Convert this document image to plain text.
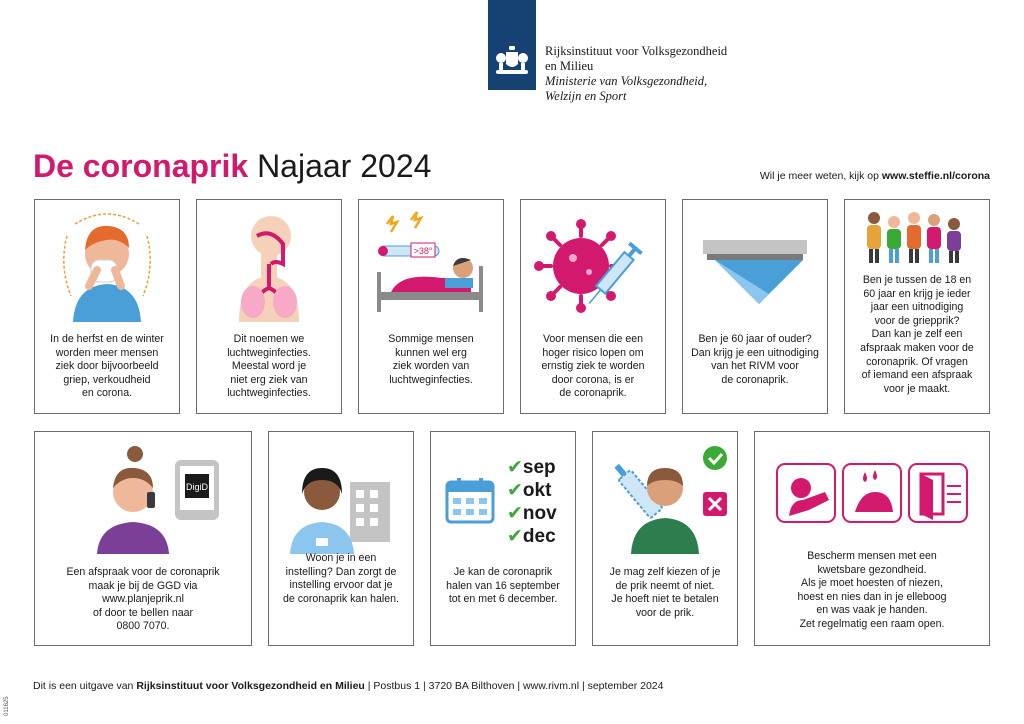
Rijksinstituut voor Volksgezondheid
en Milieu
Ministerie van Volksgezondheid,
Welzijn en Sport
De coronaprik Najaar 2024	Wil je meer weten, kijk op www.steffie.nl/corona
In de herfst en de winter
worden meer mensen
ziek door bijvoorbeeld
griep, verkoudheid
en corona.
Dit noemen we
luchtweginfecties.
Meestal word je
niet erg ziek van
luchtweginfecties.
>38°
Sommige mensen
kunnen wel erg
ziek worden van
luchtweginfecties.
Voor mensen die een
hoger risico lopen om
ernstig ziek te worden
door corona, is er
de coronaprik.
Ben je 60 jaar of ouder?
Dan krijg je een uitnodiging
van het RIVM voor
de coronaprik.
Ben je tussen de 18 en
60 jaar en krijg je ieder
jaar een uitnodiging
voor de griepprik?
Dan kan je zelf een
afspraak maken voor de
coronaprik. Of vragen
of iemand een afspraak
voor je maakt.
DigiD
Een afspraak voor de coronaprik
maak je bij de GGD via
www.planjeprik.nl
of door te bellen naar
0800 7070.
Woon je in een
instelling? Dan zorgt de
instelling ervoor dat je
de coronaprik kan halen.
✔sep
✔okt
✔nov
✔dec
Je kan de coronaprik
halen van 16 september
tot en met 6 december.
Je mag zelf kiezen of je
de prik neemt of niet.
Je hoeft niet te betalen
voor de prik.
Bescherm mensen met een
kwetsbare gezondheid.
Als je moet hoesten of niezen,
hoest en nies dan in je elleboog
en was vaak je handen.
Zet regelmatig een raam open.
Dit is een uitgave van Rijksinstituut voor Volksgezondheid en Milieu | Postbus 1 | 3720 BA Bilthoven | www.rivm.nl | september 2024
011625
